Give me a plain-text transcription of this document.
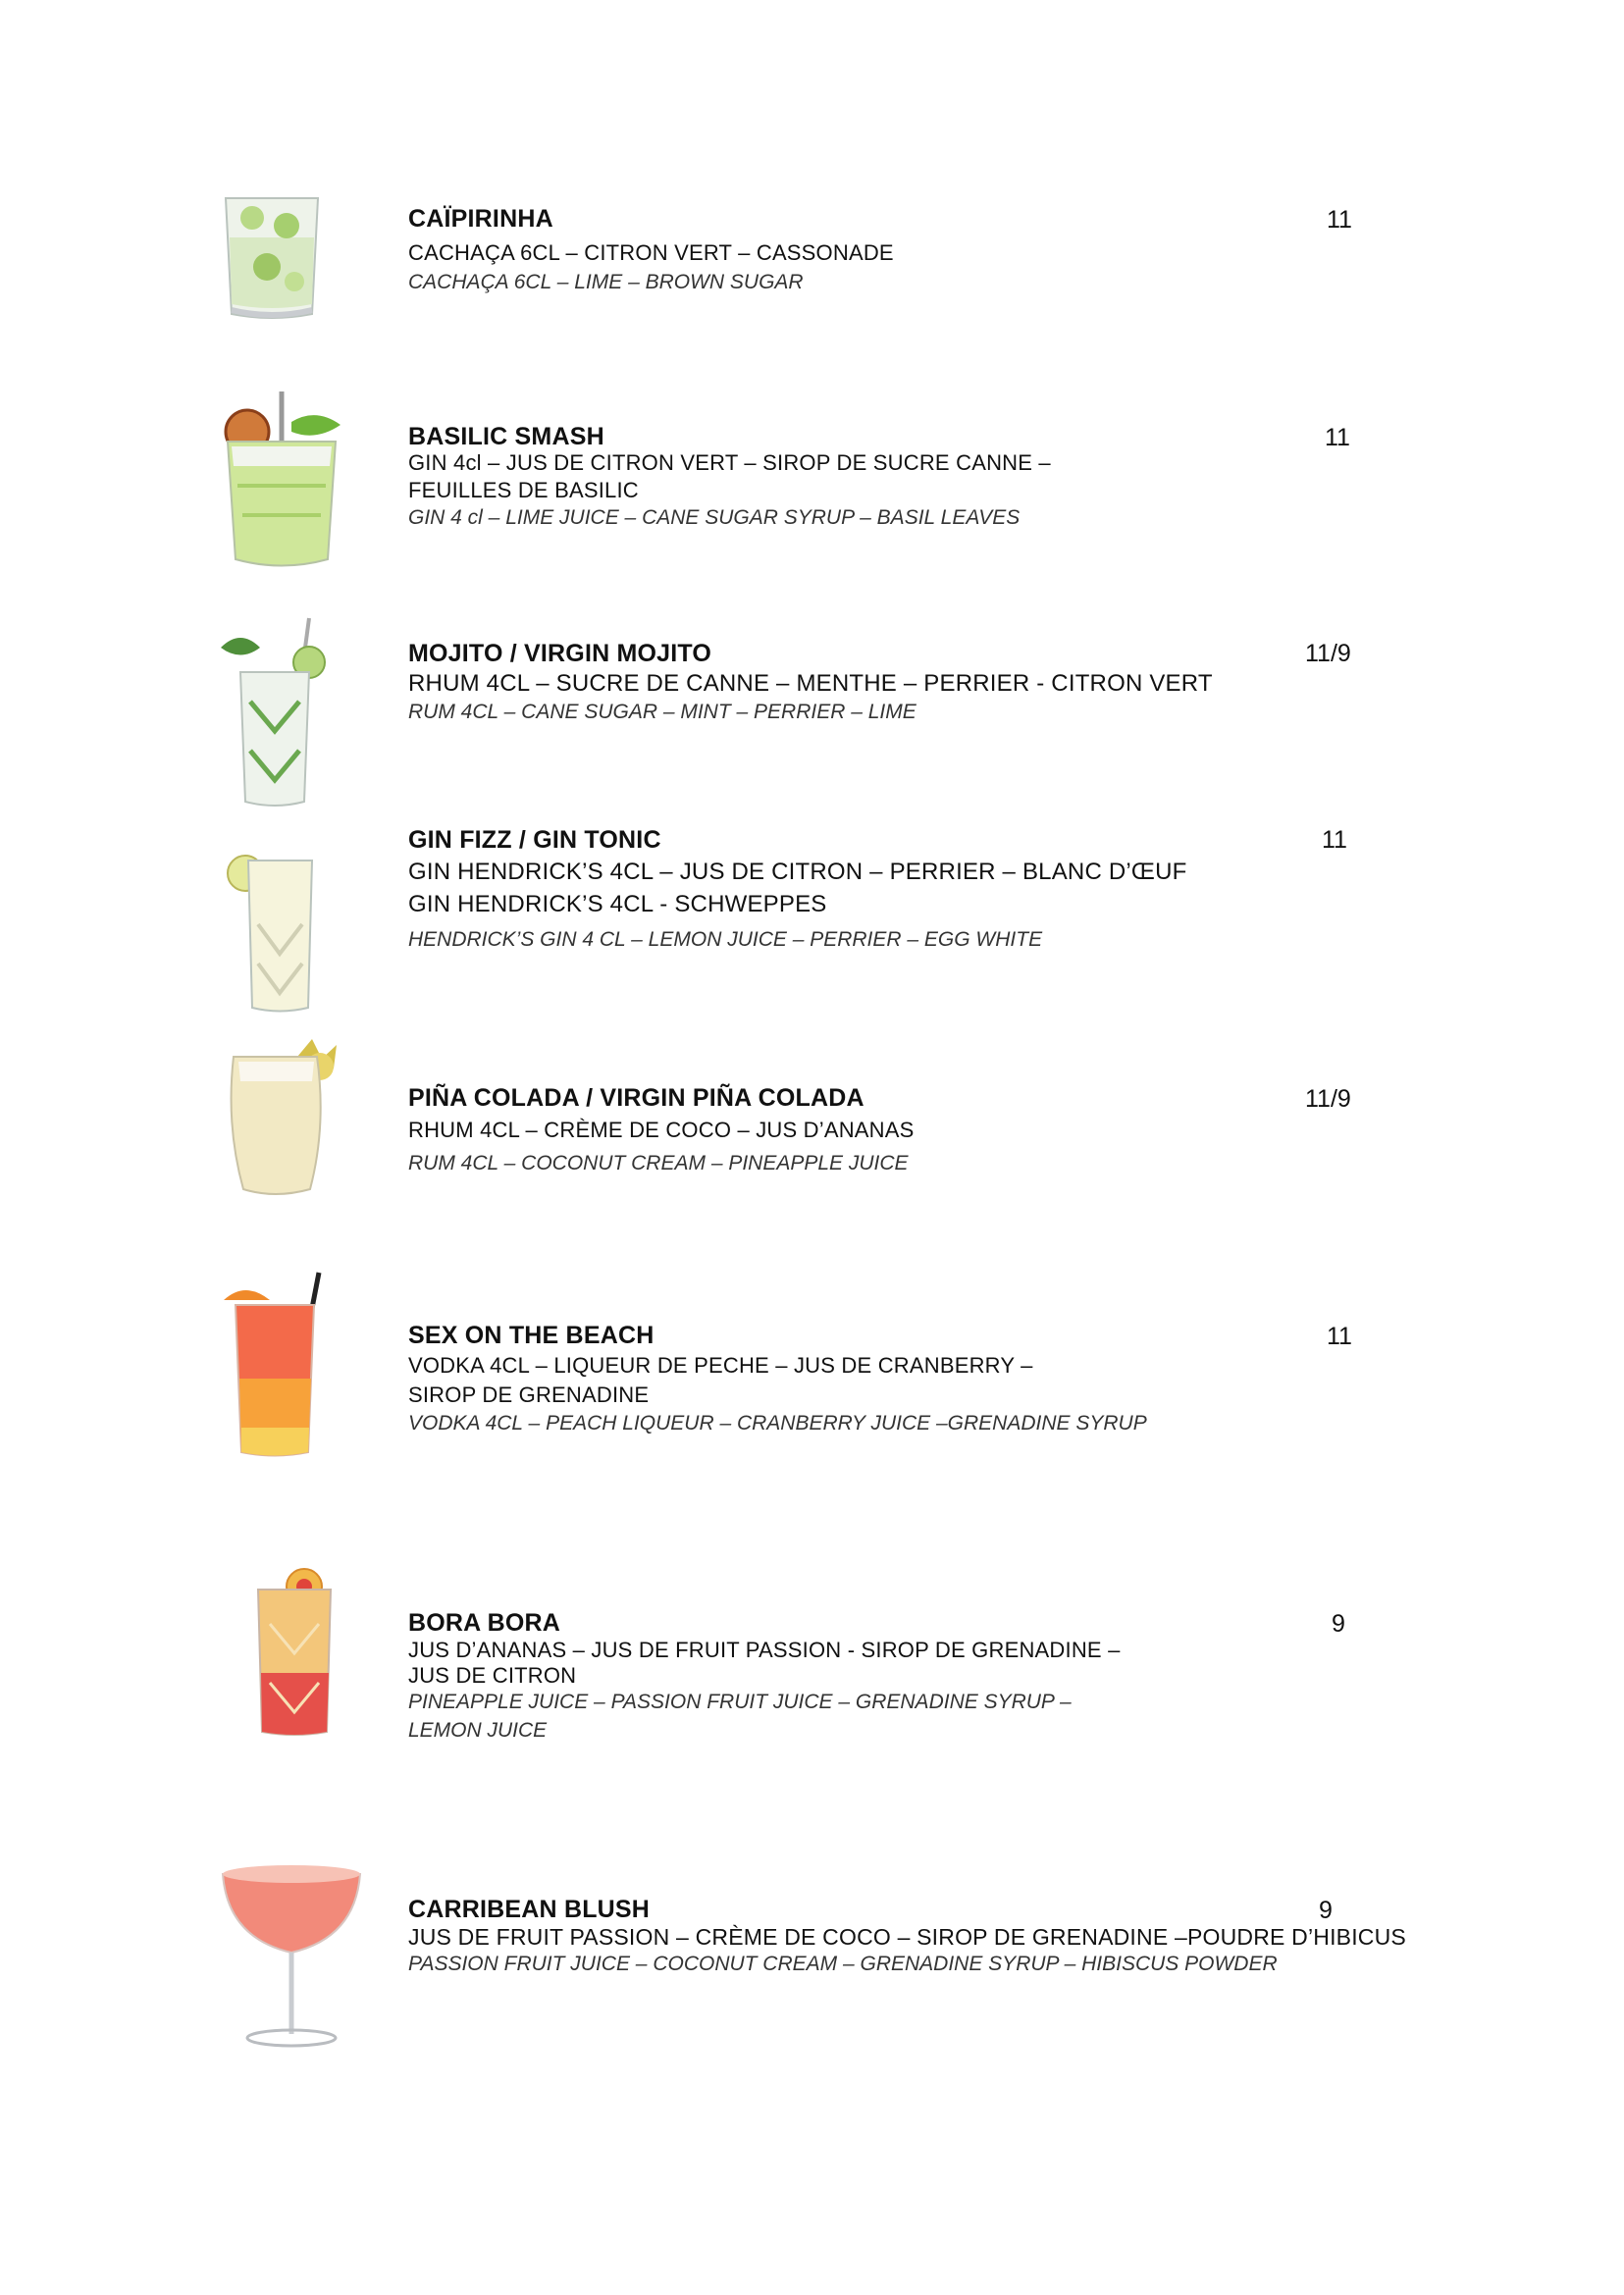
CAÏPIRINHA
CACHAÇA 6CL – CITRON VERT – CASSONADE
CACHAÇA 6CL – LIME – BROWN SUGAR
11
BASILIC SMASH
GIN 4cl – JUS DE CITRON VERT – SIROP DE SUCRE CANNE –
FEUILLES DE BASILIC
GIN 4 cl – LIME JUICE – CANE SUGAR SYRUP – BASIL LEAVES
11
MOJITO / VIRGIN MOJITO
RHUM 4CL – SUCRE DE CANNE – MENTHE – PERRIER - CITRON VERT
RUM 4CL – CANE SUGAR – MINT – PERRIER – LIME
11/9
GIN FIZZ / GIN TONIC
GIN HENDRICK’S 4CL – JUS DE CITRON – PERRIER – BLANC D’ŒUF
GIN HENDRICK’S 4CL - SCHWEPPES
HENDRICK’S GIN 4 CL – LEMON JUICE – PERRIER – EGG WHITE
11
PIÑA COLADA / VIRGIN PIÑA COLADA
RHUM 4CL – CRÈME DE COCO – JUS D’ANANAS
RUM 4CL – COCONUT CREAM – PINEAPPLE JUICE
11/9
SEX ON THE BEACH
VODKA 4CL – LIQUEUR DE PECHE – JUS DE CRANBERRY –
SIROP DE GRENADINE
VODKA 4CL – PEACH LIQUEUR – CRANBERRY JUICE –GRENADINE SYRUP
11
BORA BORA
JUS D’ANANAS – JUS DE FRUIT PASSION - SIROP DE GRENADINE –
JUS DE CITRON
PINEAPPLE JUICE – PASSION FRUIT JUICE – GRENADINE SYRUP –
LEMON JUICE
9
CARRIBEAN BLUSH
JUS DE FRUIT PASSION – CRÈME DE COCO – SIROP DE GRENADINE –POUDRE D’HIBICUS
PASSION FRUIT JUICE – COCONUT CREAM – GRENADINE SYRUP – HIBISCUS POWDER
9
